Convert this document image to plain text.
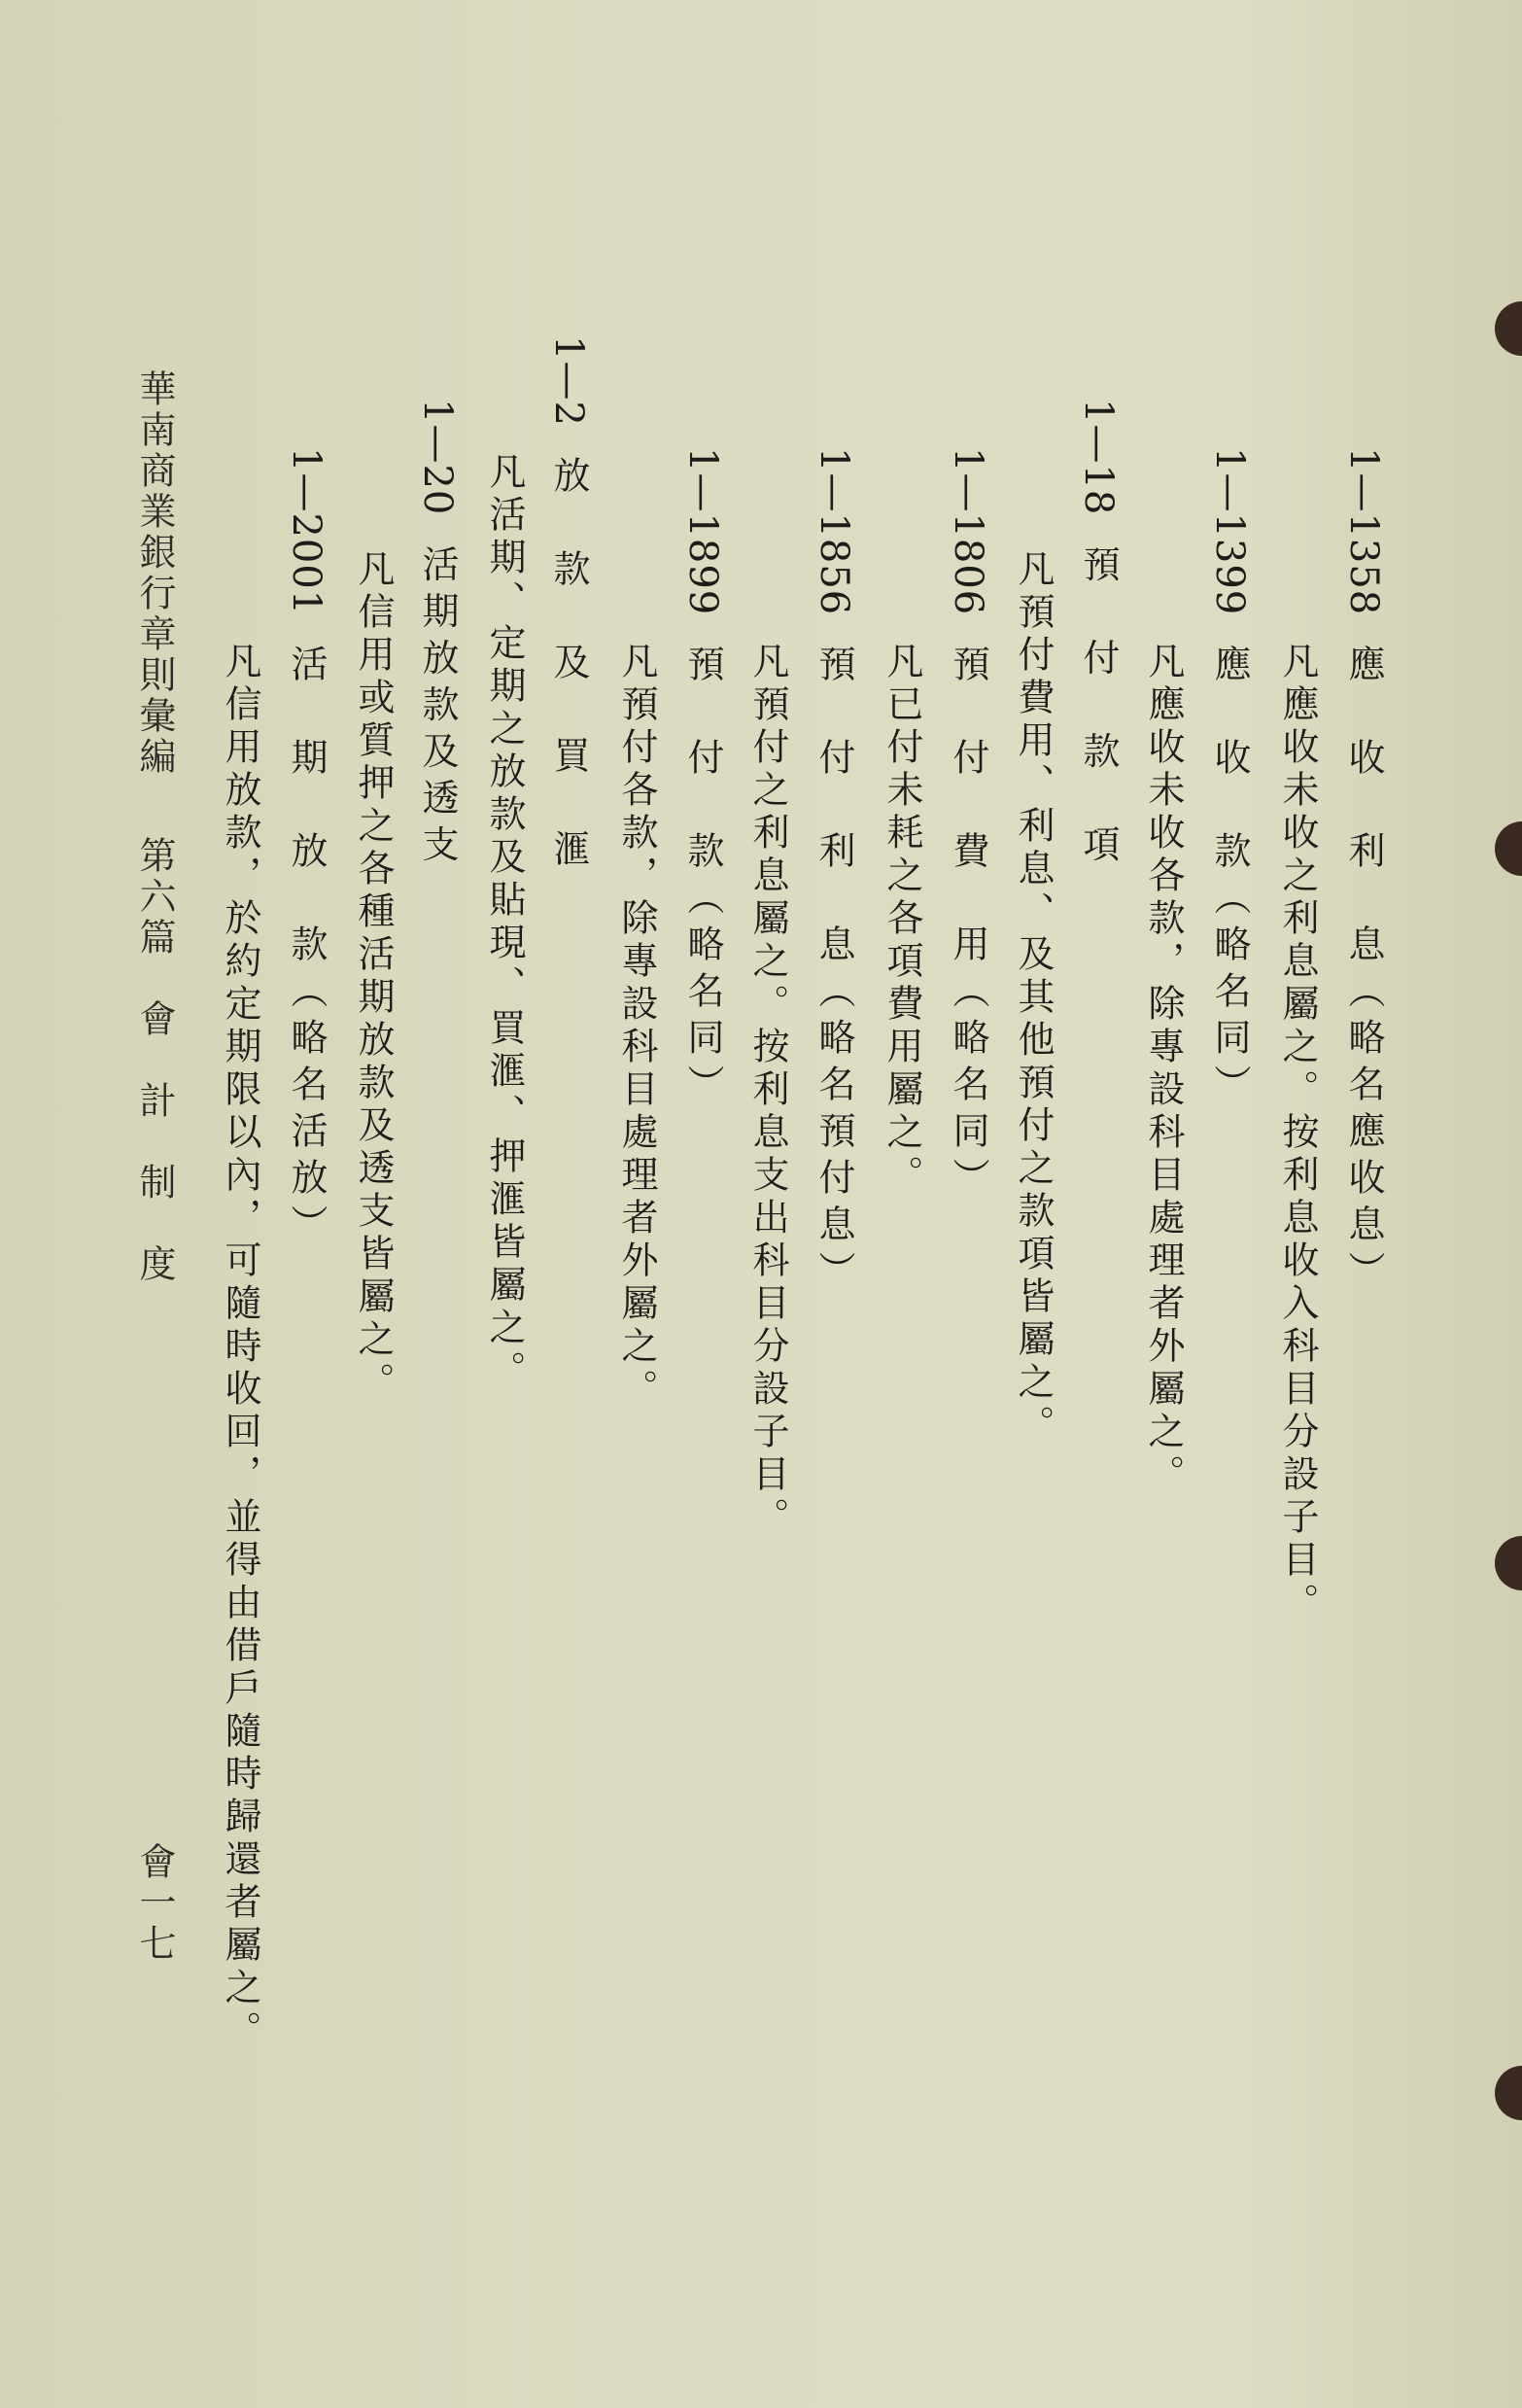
1—1358應　收　利　息（略名應收息）
凡應收未收之利息屬之。按利息收入科目分設子目。
1—1399應　收　款（略名同）
凡應收未收各款，除專設科目處理者外屬之。
1—18預　付　款　項
凡預付費用、利息、及其他預付之款項皆屬之。
1—1806預　付　費　用（略名同）
凡已付未耗之各項費用屬之。
1—1856預　付　利　息（略名預付息）
凡預付之利息屬之。按利息支出科目分設子目。
1—1899預　付　款（略名同）
凡預付各款，除專設科目處理者外屬之。
1—2放　款　及　買　滙
凡活期、定期之放款及貼現、買滙、押滙皆屬之。
1—20活期放款及透支
凡信用或質押之各種活期放款及透支皆屬之。
1—2001活　期　放　款（略名活放）
凡信用放款，於約定期限以內，可隨時收回，並得由借戶隨時歸還者屬之。
華南商業銀行章則彙編第六篇　會　計　制　度
會一七
